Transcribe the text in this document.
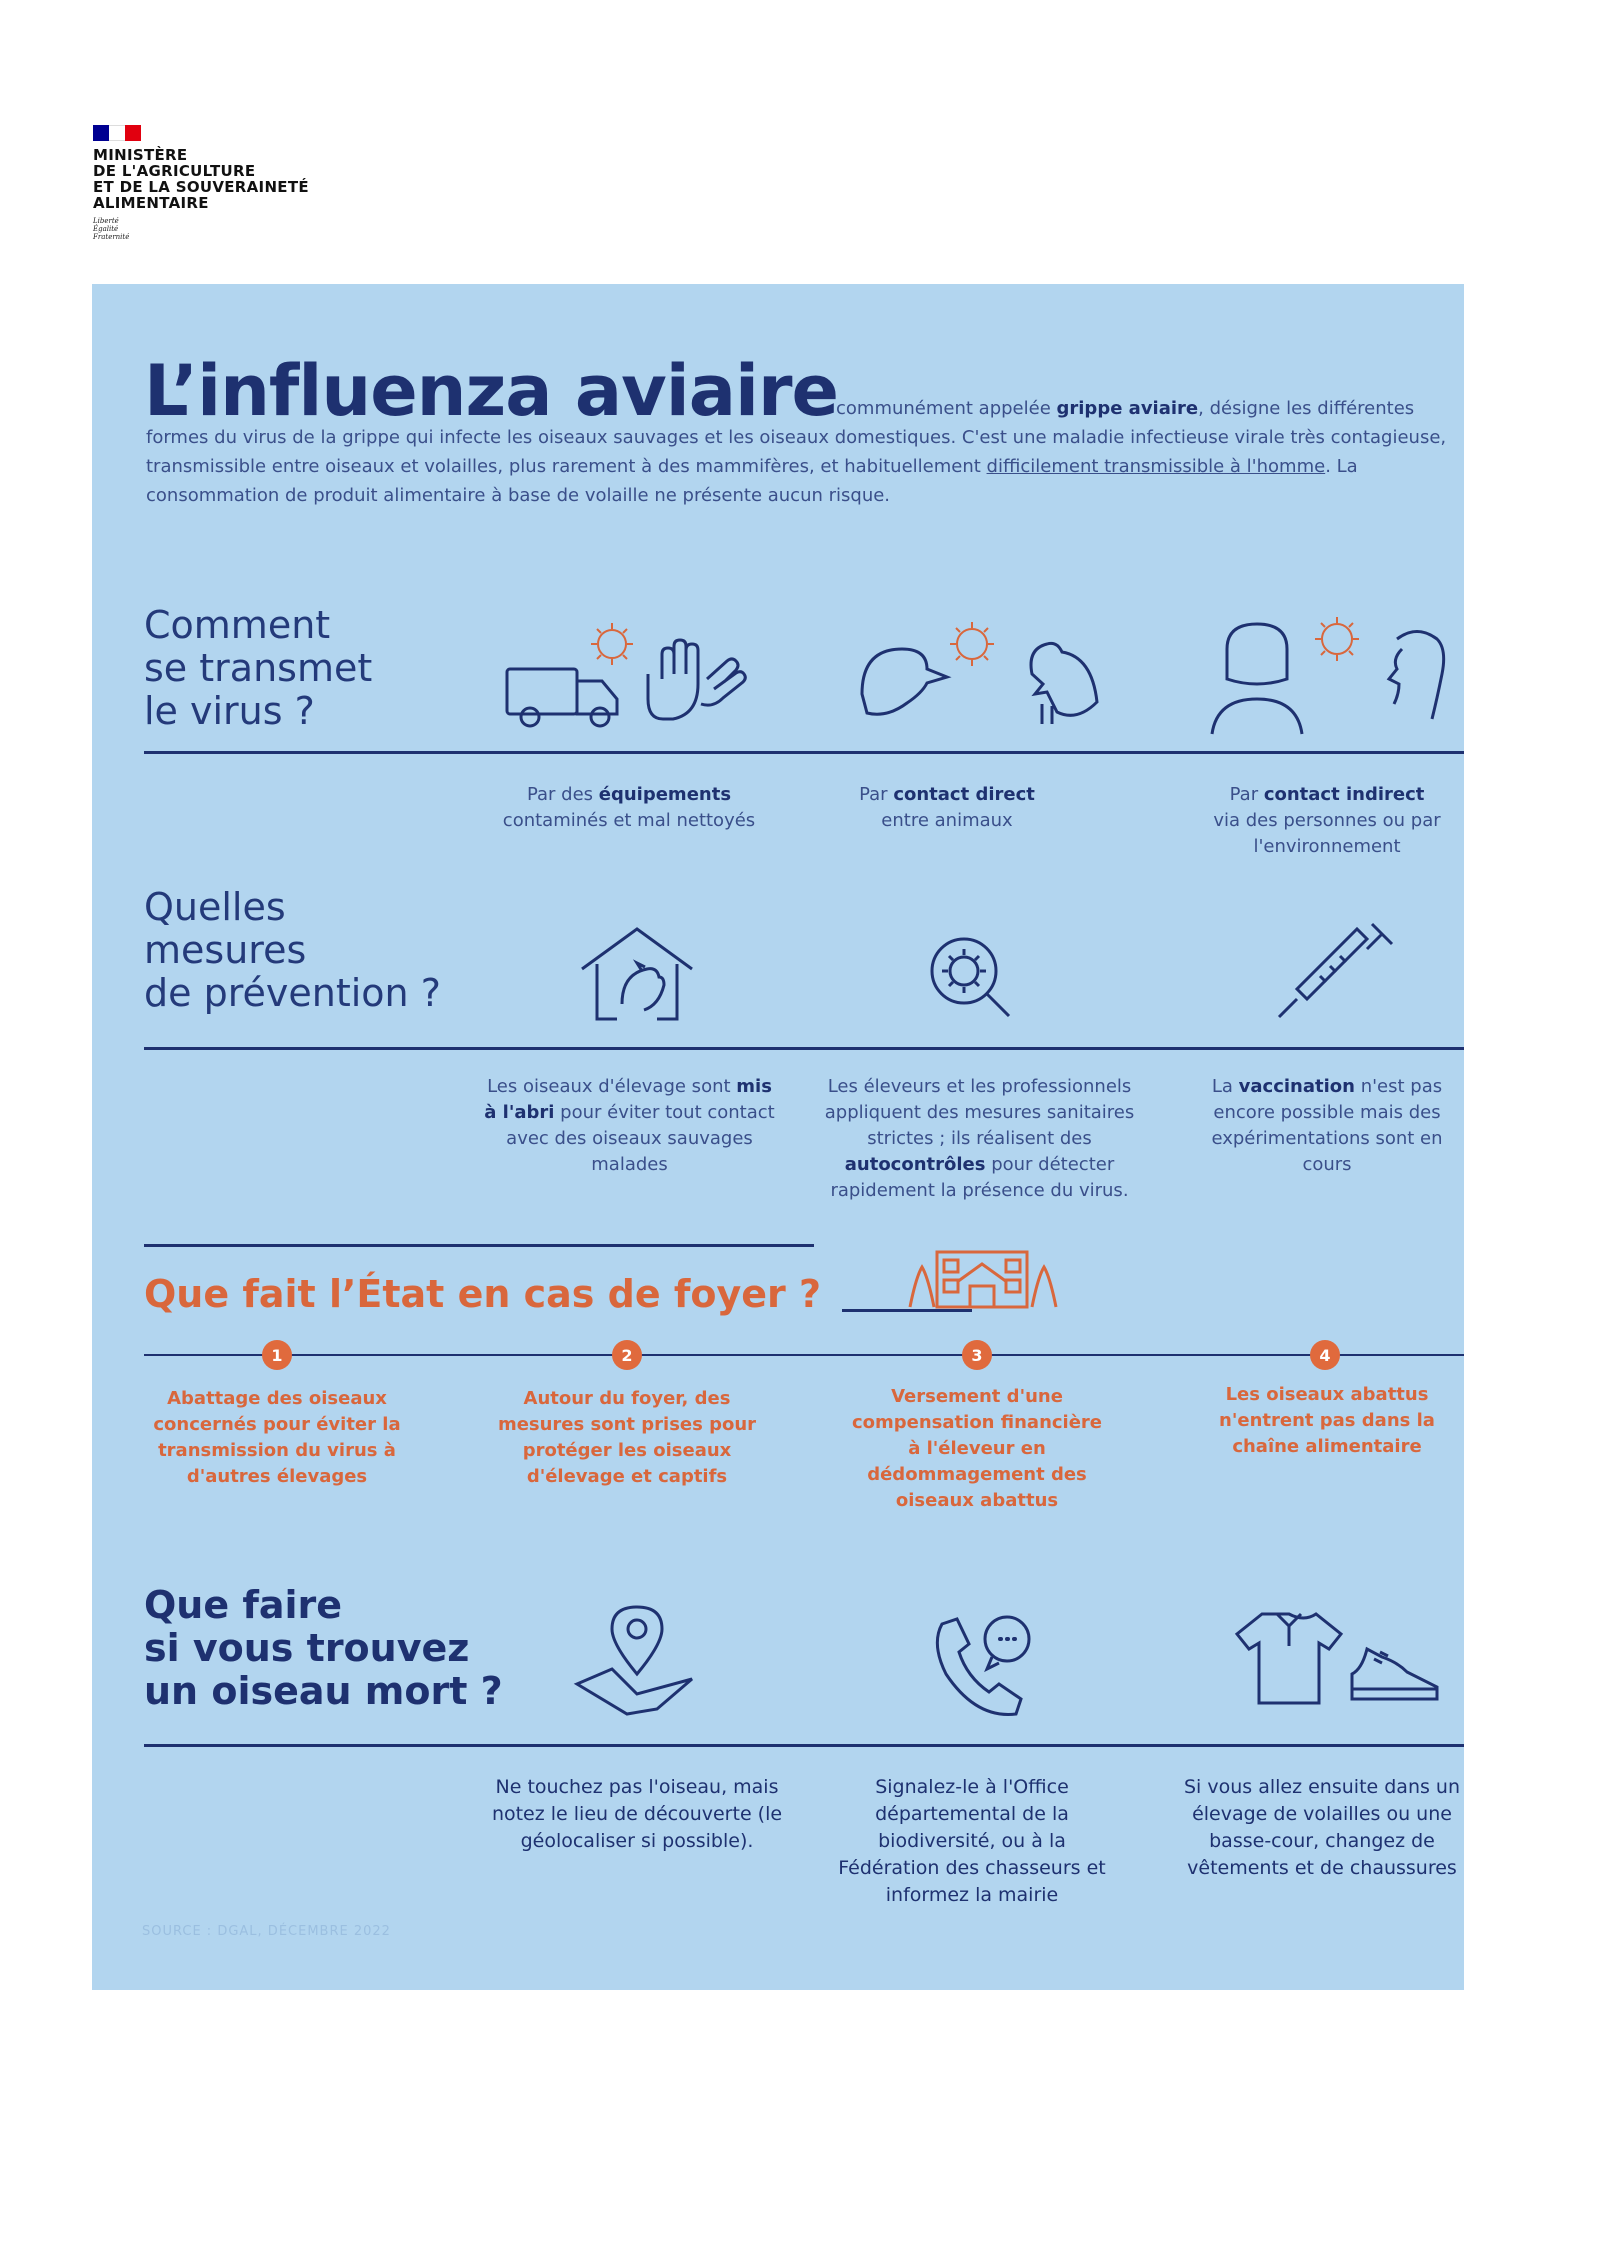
MINISTÈRE
DE L'AGRICULTURE
ET DE LA SOUVERAINETÉ
ALIMENTAIRE
Liberté
Égalité
Fraternité
L’influenza aviaire
communément appelée grippe aviaire, désigne les différentes formes du virus de la grippe qui infecte les oiseaux sauvages et les oiseaux domestiques. C'est une maladie infectieuse virale très contagieuse, transmissible entre oiseaux et volailles, plus rarement à des mammifères, et habituellement difficilement transmissible à l'homme. La consommation de produit alimentaire à base de volaille ne présente aucun risque.
Comment
se transmet
le virus ?
Par des équipements
contaminés et mal nettoyés
Par contact direct
entre animaux
Par contact indirect
via des personnes ou par l'environnement
Quelles
mesures
de prévention ?
Les oiseaux d'élevage sont mis à l'abri pour éviter tout contact avec des oiseaux sauvages malades
Les éleveurs et les professionnels appliquent des mesures sanitaires strictes ; ils réalisent des autocontrôles pour détecter rapidement la présence du virus.
La vaccination n'est pas encore possible mais des expérimentations sont en cours
Que fait l’État en cas de foyer ?
1	2	3	4
Abattage des oiseaux concernés pour éviter la transmission du virus à d'autres élevages
Autour du foyer, des mesures sont prises pour protéger les oiseaux d'élevage et captifs
Versement d'une compensation financière à l'éleveur en dédommagement des oiseaux abattus
Les oiseaux abattus n'entrent pas dans la chaîne alimentaire
Que faire
si vous trouvez
un oiseau mort ?
Ne touchez pas l'oiseau, mais notez le lieu de découverte (le géolocaliser si possible).
Signalez-le à l'Office départemental de la biodiversité, ou à la Fédération des chasseurs et informez la mairie
Si vous allez ensuite dans un élevage de volailles ou une basse-cour, changez de vêtements et de chaussures
SOURCE : DGAL, DÉCEMBRE 2022
